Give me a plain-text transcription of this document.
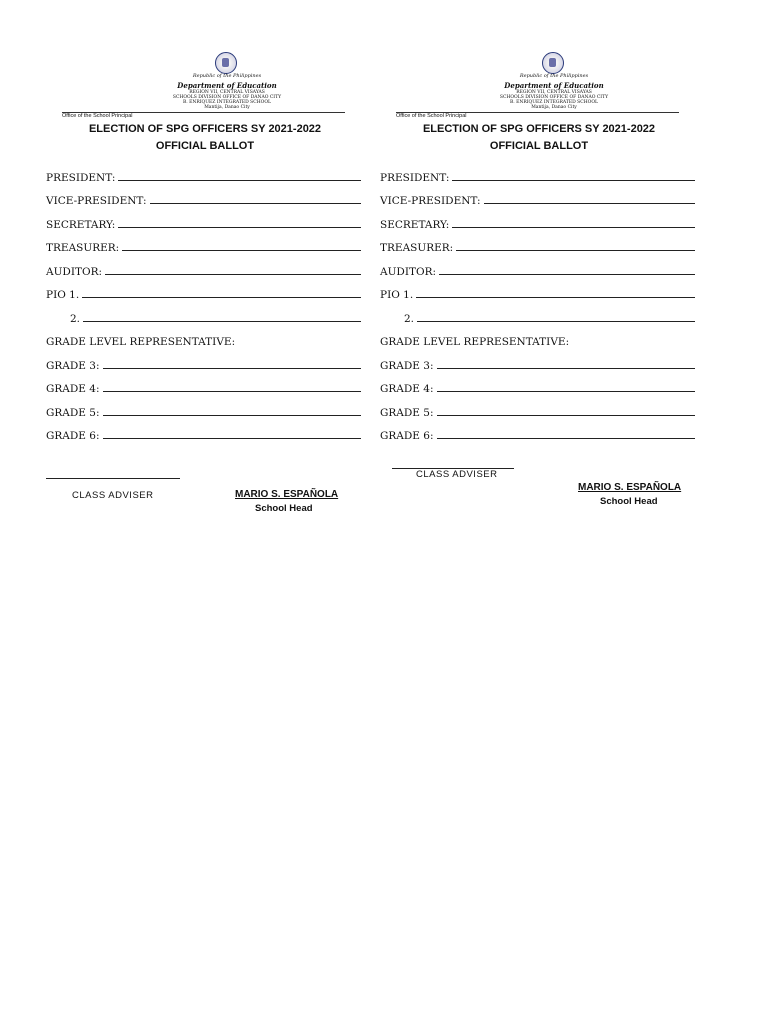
Republic of the Philippines
Department of Education
REGION VII, CENTRAL VISAYAS
SCHOOLS DIVISION OFFICE OF DANAO CITY
B. ENRIQUEZ INTEGRATED SCHOOL
Mantija, Danao City
Office of the School Principal
ELECTION OF SPG OFFICERS SY 2021-2022
OFFICIAL BALLOT
PRESIDENT:
VICE-PRESIDENT:
SECRETARY:
TREASURER:
AUDITOR:
PIO 1.
2.
GRADE LEVEL REPRESENTATIVE:
GRADE 3:
GRADE 4:
GRADE 5:
GRADE 6:
CLASS ADVISER	MARIO S. ESPAÑOLA
School Head
Republic of the Philippines
Department of Education
REGION VII, CENTRAL VISAYAS
SCHOOLS DIVISION OFFICE OF DANAO CITY
B. ENRIQUEZ INTEGRATED SCHOOL
Mantija, Danao City
Office of the School Principal
ELECTION OF SPG OFFICERS SY 2021-2022
OFFICIAL BALLOT
PRESIDENT:
VICE-PRESIDENT:
SECRETARY:
TREASURER:
AUDITOR:
PIO 1.
2.
GRADE LEVEL REPRESENTATIVE:
GRADE 3:
GRADE 4:
GRADE 5:
GRADE 6:
CLASS ADVISER
MARIO S. ESPAÑOLA
School Head
